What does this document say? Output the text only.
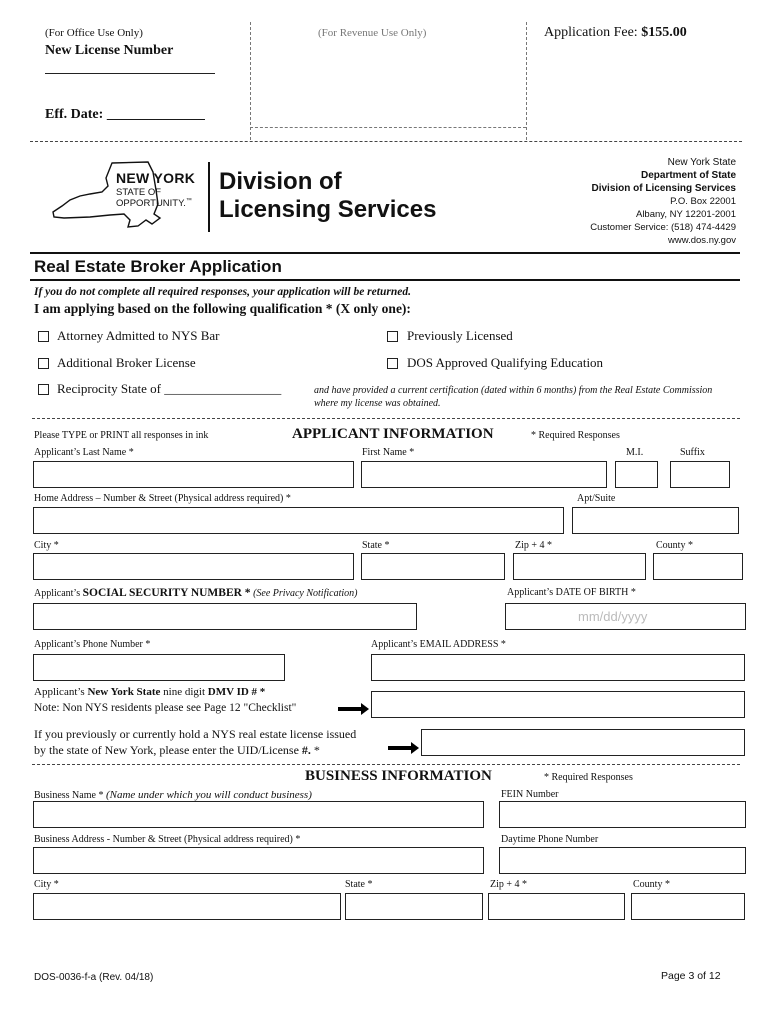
(For Office Use Only)
New License Number
Eff. Date: ______________
(For Revenue Use Only)	Application Fee: $155.00
NEW YORK
STATE OF
OPPORTUNITY.™
Division of
Licensing Services
New York State
Department of State
Division of Licensing Services
P.O. Box 22001
Albany, NY 12201-2001
Customer Service: (518) 474-4429
www.dos.ny.gov
Real Estate Broker Application
If you do not complete all required responses, your application will be returned.
I am applying based on the following qualification * (X only one):
Attorney Admitted to NYS Bar	Previously Licensed
Additional Broker License	DOS Approved Qualifying Education
Reciprocity State of __________________	and have provided a current certification (dated within 6 months) from the Real Estate Commission where my license was obtained.
Please TYPE or PRINT all responses in ink	APPLICANT INFORMATION	* Required Responses
Applicant’s Last Name *	First Name *	M.I.	Suffix
Home Address – Number & Street (Physical address required) *	Apt/Suite
City *	State *	Zip + 4 *	County *
Applicant’s SOCIAL SECURITY NUMBER * (See Privacy Notification)	Applicant’s DATE OF BIRTH *
mm/dd/yyyy
Applicant’s Phone Number *	Applicant’s EMAIL ADDRESS *
Applicant’s New York State nine digit DMV ID # *
Note: Non NYS residents please see Page 12 "Checklist"
If you previously or currently hold a NYS real estate license issued
by the state of New York, please enter the UID/License #. *
BUSINESS INFORMATION	* Required Responses
Business Name * (Name under which you will conduct business)	FEIN Number
Business Address - Number & Street (Physical address required) *	Daytime Phone Number
City *	State *	Zip + 4 *	County *
DOS-0036-f-a (Rev. 04/18)	Page 3 of 12
